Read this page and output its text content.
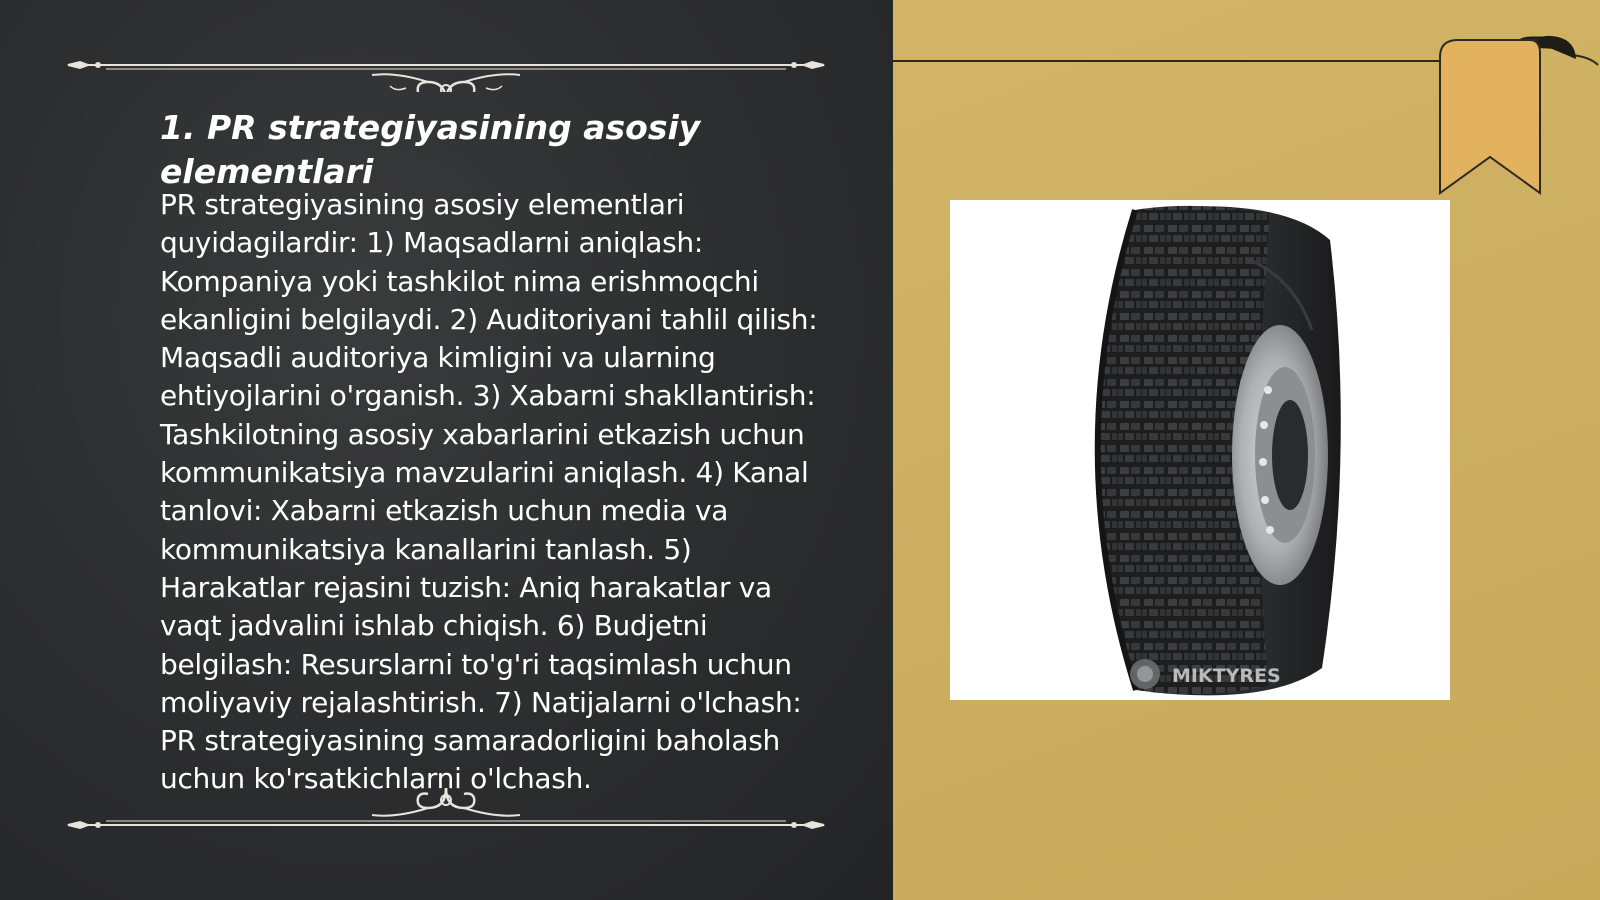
1. PR strategiyasining asosiy elementlari

PR strategiyasining asosiy elementlari quyidagilardir: 1) Maqsadlarni aniqlash: Kompaniya yoki tashkilot nima erishmoqchi ekanligini belgilaydi. 2) Auditoriyani tahlil qilish: Maqsadli auditoriya kimligini va ularning ehtiyojlarini o'rganish. 3) Xabarni shakllantirish: Tashkilotning asosiy xabarlarini etkazish uchun kommunikatsiya mavzularini aniqlash. 4) Kanal tanlovi: Xabarni etkazish uchun media va kommunikatsiya kanallarini tanlash. 5) Harakatlar rejasini tuzish: Aniq harakatlar va vaqt jadvalini ishlab chiqish. 6) Budjetni belgilash: Resurslarni to'g'ri taqsimlash uchun moliyaviy rejalashtirish. 7) Natijalarni o'lchash: PR strategiyasining samaradorligini baholash uchun ko'rsatkichlarni o'lchash.

MIKTYRES
